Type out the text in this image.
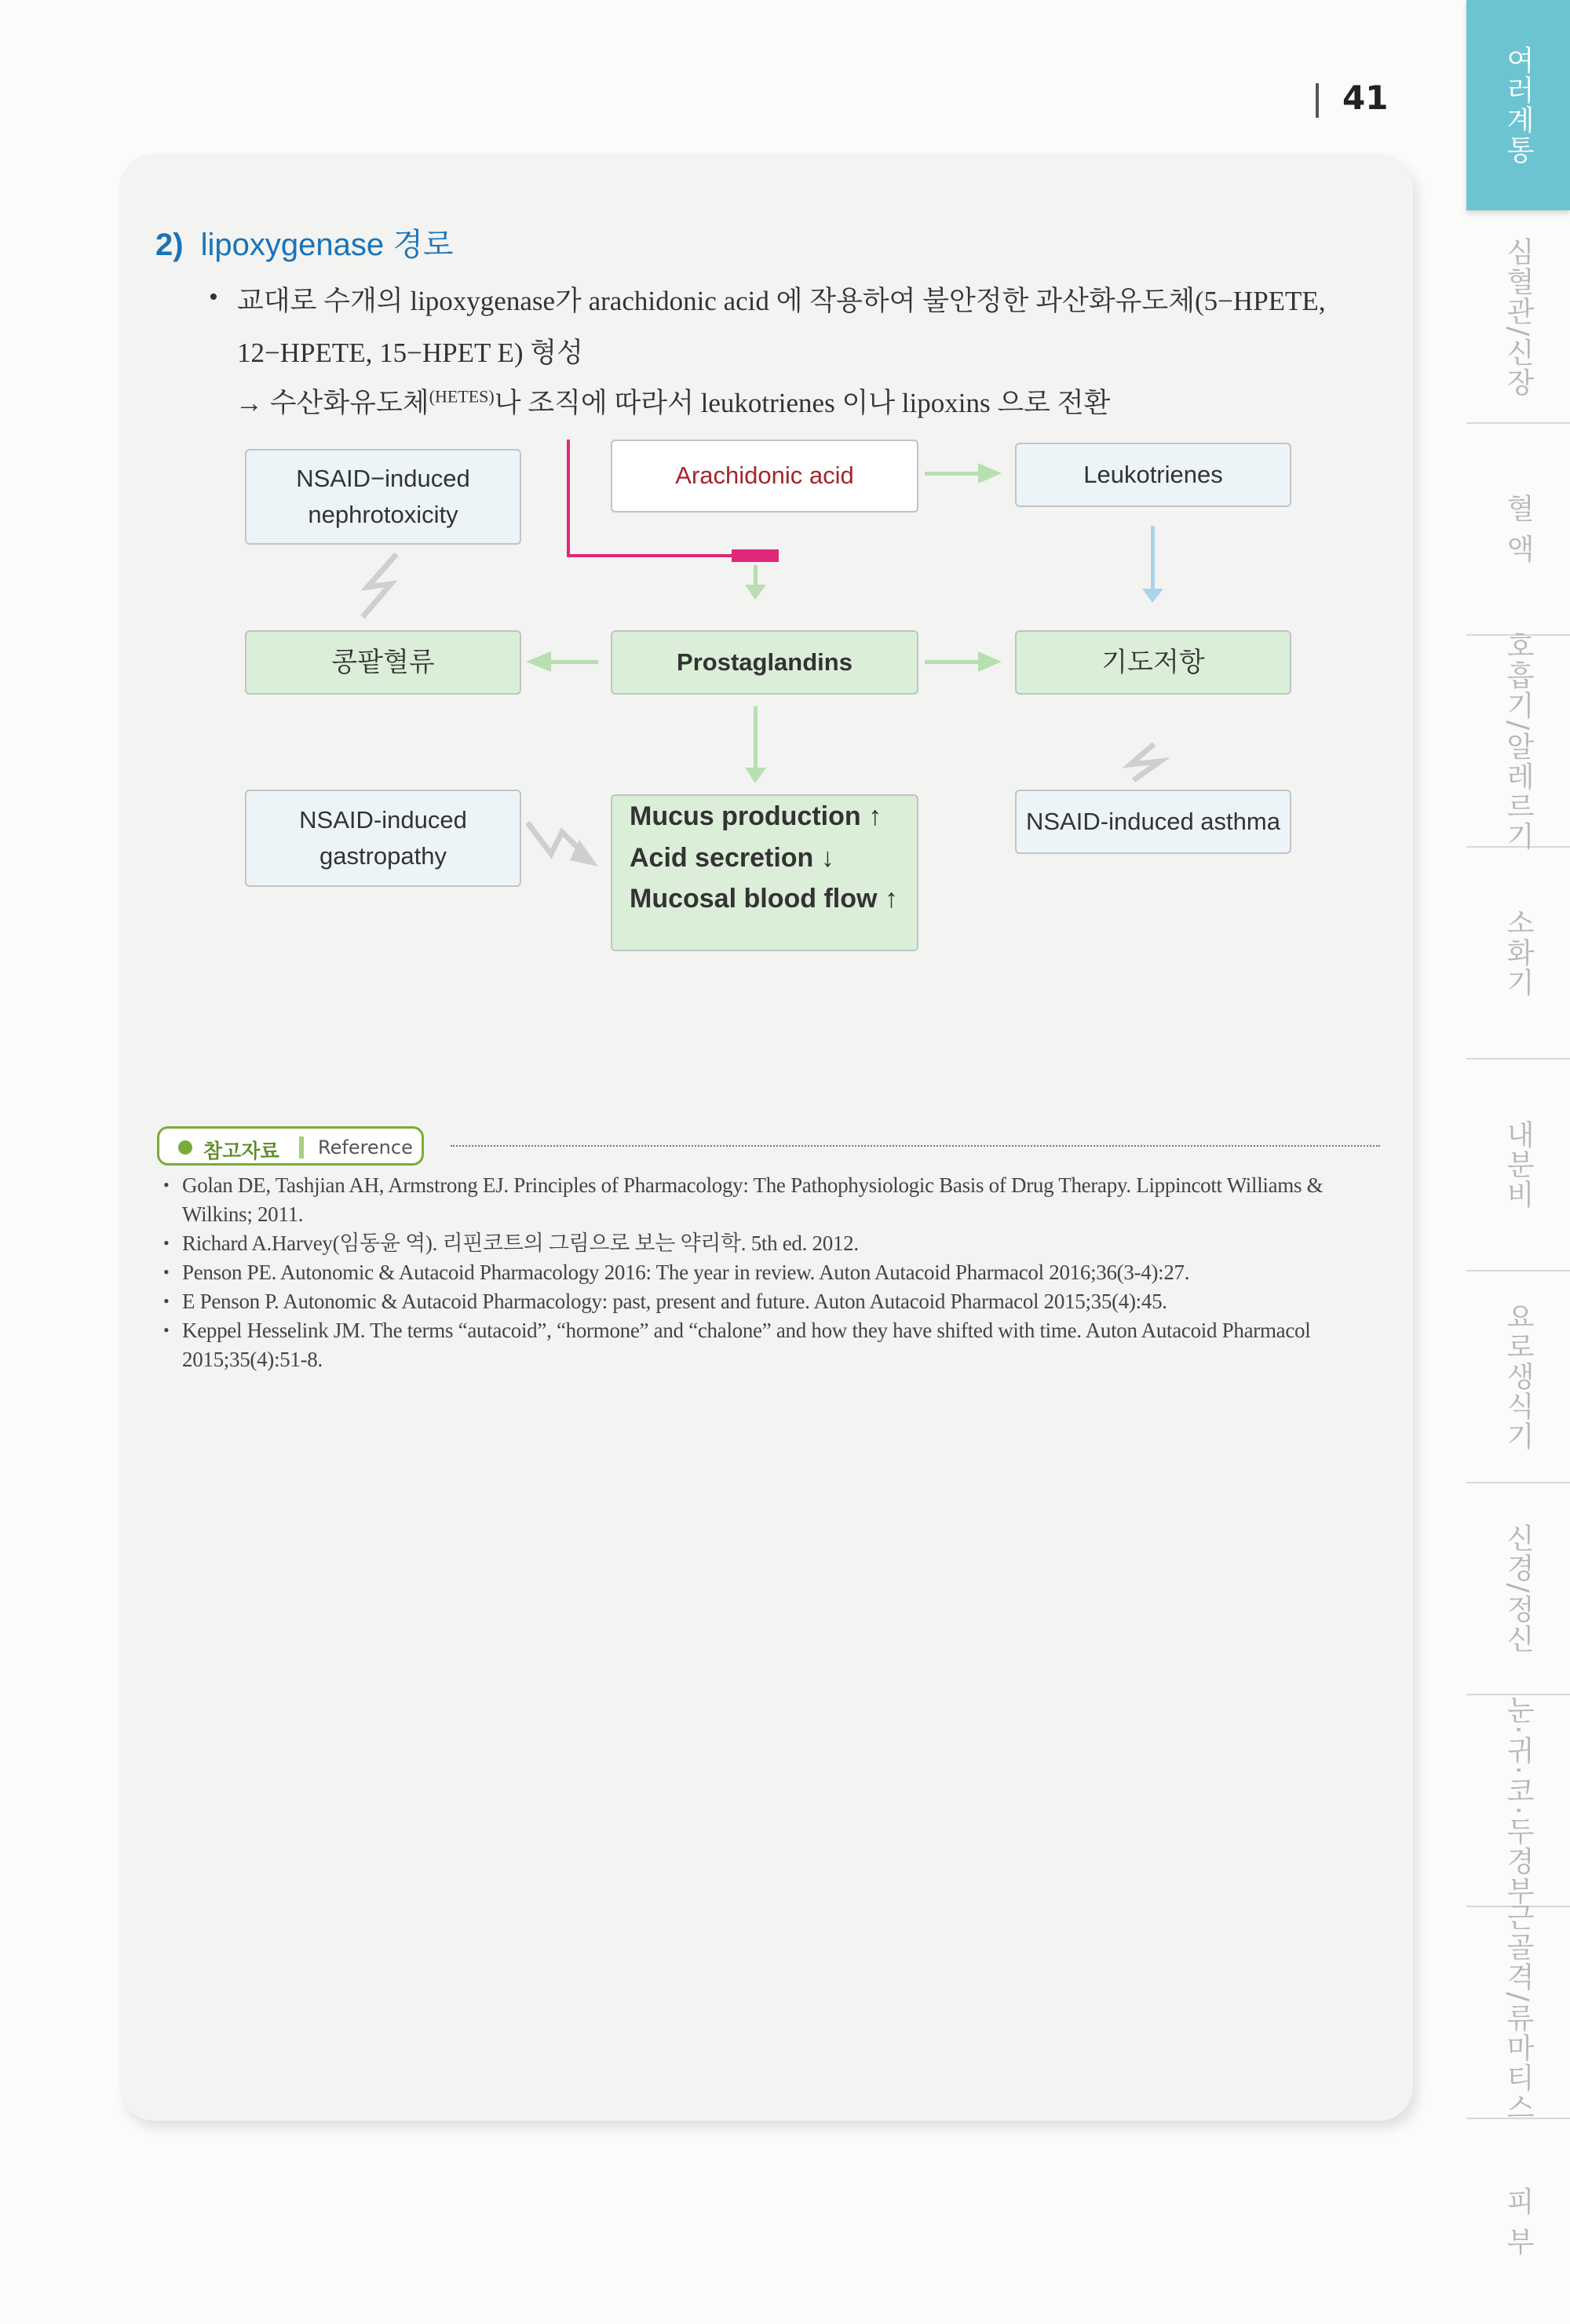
41
2) lipoxygenase 경로
• 교대로 수개의 lipoxygenase가 arachidonic acid 에 작용하여 불안정한 과산화유도체(5−HPETE,
12−HPETE, 15−HPET E) 형성
→ 수산화유도체$^{(HETES)}$나 조직에 따라서 leukotrienes 이나 lipoxins 으로 전환
NSAID−induced nephrotoxicity
Arachidonic acid	Leukotrienes
콩팥혈류	Prostaglandins	기도저항
NSAID-induced gastropathy
Mucus production ↑
Acid secretion ↓
Mucosal blood flow ↑
NSAID-induced asthma
참고자료 Reference
• Golan DE, Tashjian AH, Armstrong EJ. Principles of Pharmacology: The Pathophysiologic Basis of Drug Therapy. Lippincott Williams & Wilkins; 2011.
• Richard A.Harvey(임동윤 역). 리핀코트의 그림으로 보는 약리학. 5th ed. 2012.
• Penson PE. Autonomic & Autacoid Pharmacology 2016: The year in review. Auton Autacoid Pharmacol 2016;36(3-4):27.
• E Penson P. Autonomic & Autacoid Pharmacology: past, present and future. Auton Autacoid Pharmacol 2015;35(4):45.
• Keppel Hesselink JM. The terms “autacoid”, “hormone” and “chalone” and how they have shifted with time. Auton Autacoid Pharmacol 2015;35(4):51-8.
여러계통
심혈관/신장
혈 액
호흡기/알레르기
소화기
내분비
요로생식기
신경/정신
눈·귀·코·두경부
근골격/류마티스
피 부
